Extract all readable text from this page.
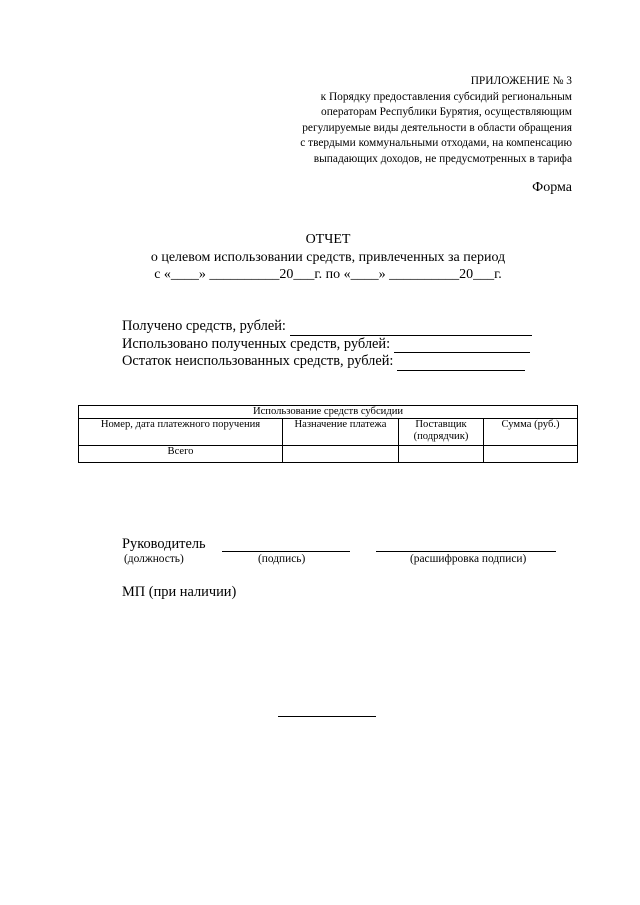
ПРИЛОЖЕНИЕ № 3
к Порядку предоставления субсидий региональным
операторам Республики Бурятия, осуществляющим
регулируемые виды деятельности в области обращения
с твердыми коммунальными отходами, на компенсацию
выпадающих доходов, не предусмотренных в тарифа
Форма
ОТЧЕТ
о целевом использовании средств, привлеченных за период
с «____» __________20___г. по «____» __________20___г.
Получено средств, рублей:
Использовано полученных средств, рублей:
Остаток неиспользованных средств, рублей:
Использование средств субсидии			
Номер, дата платежного поручения	Назначение платежа	Поставщик (подрядчик)	Сумма (руб.)
Всего			
Руководитель
(должность)	(подпись)	(расшифровка подписи)
МП (при наличии)
